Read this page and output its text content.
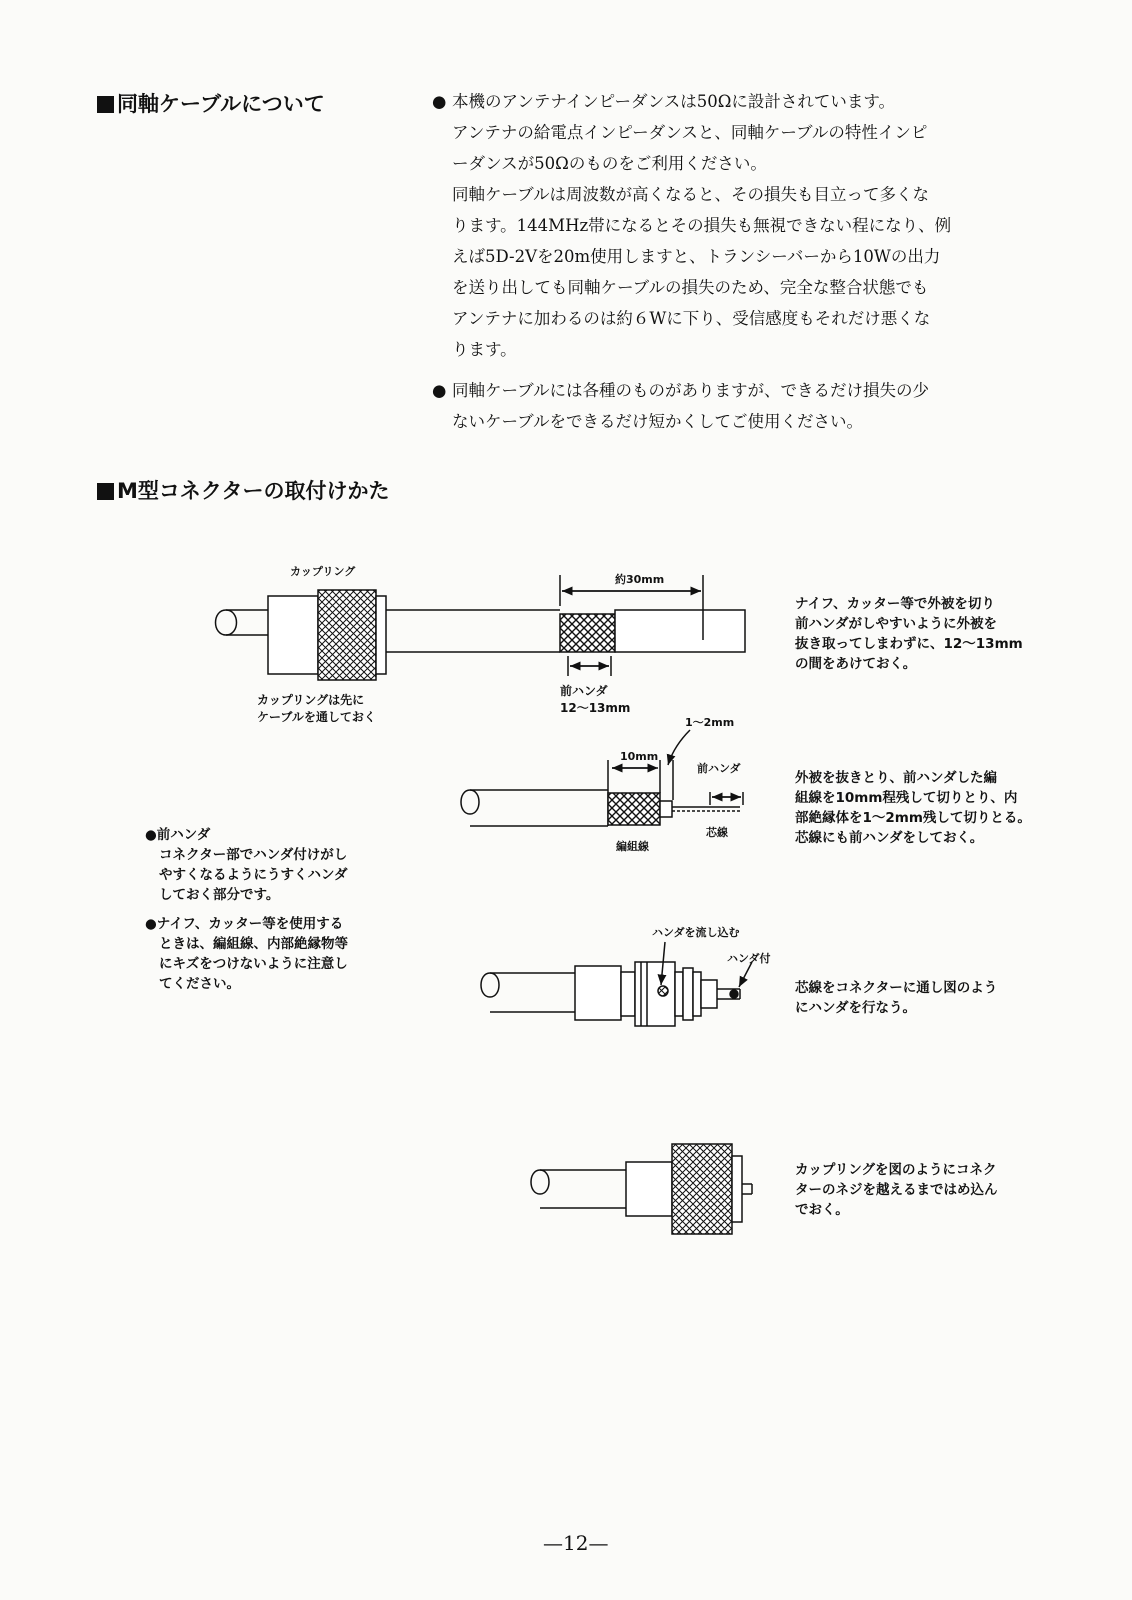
同軸ケーブルについて	● 本機のアンテナインピーダンスは50Ωに設計されています。

アンテナの給電点インピーダンスと、同軸ケーブルの特性インピ

ーダンスが50Ωのものをご利用ください。

同軸ケーブルは周波数が高くなると、その損失も目立って多くな

ります。144MHz帯になるとその損失も無視できない程になり、例

えば5D-2Vを20m使用しますと、トランシーバーから10Wの出力

を送り出しても同軸ケーブルの損失のため、完全な整合状態でも

アンテナに加わるのは約６Wに下り、受信感度もそれだけ悪くな

ります。

● 同軸ケーブルには各種のものがありますが、できるだけ損失の少

ないケーブルをできるだけ短かくしてご使用ください。

M型コネクターの取付けかた
カップリング
約30mm

前ハンダ

12〜13mm

カップリングは先に

ケーブルを通しておく

ナイフ、カッター等で外被を切り

前ハンダがしやすいように外被を

抜き取ってしまわずに、12〜13mm

の間をあけておく。

1〜2mm
10mm
前ハンダ
編組線
芯線

外被を抜きとり、前ハンダした編

組線を10mm程残して切りとり、内

部絶縁体を1〜2mm残して切りとる。

芯線にも前ハンダをしておく。

●前ハンダ

コネクター部でハンダ付けがし

やすくなるようにうすくハンダ

しておく部分です。

●ナイフ、カッター等を使用する

ときは、編組線、内部絶縁物等

にキズをつけないように注意し

てください。

ハンダを流し込む
ハンダ付

芯線をコネクターに通し図のよう

にハンダを行なう。

カップリングを図のようにコネク

ターのネジを越えるまではめ込ん

でおく。

—12—
